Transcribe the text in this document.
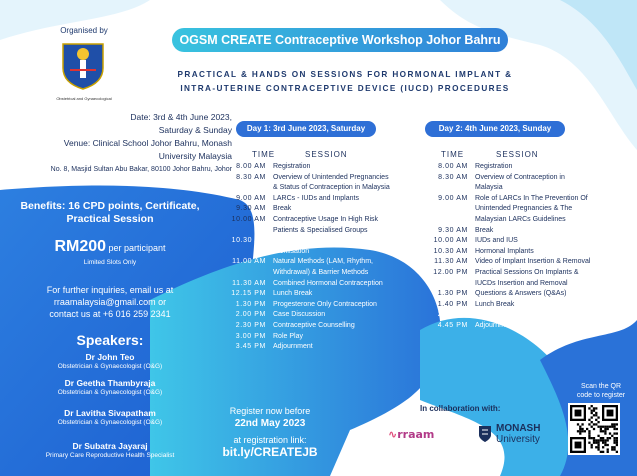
Organised by
Obstetrical and Gynaecological
OGSM CREATE Contraceptive Workshop Johor Bahru
PRACTICAL & HANDS ON SESSIONS FOR HORMONAL IMPLANT &
INTRA-UTERINE CONTRACEPTIVE DEVICE (IUCD) PROCEDURES
Date: 3rd & 4th June 2023,
Saturday & Sunday
Venue: Clinical School Johor Bahru, Monash
University Malaysia
No. 8, Masjid Sultan Abu Bakar, 80100 Johor Bahru, Johor
Benefits: 16 CPD points, Certificate,
Practical Session
RM200 per participant
Limited Slots Only
For further inquiries, email us at
rraamalaysia@gmail.com or
contact us at +6 016 259 2341
Speakers:
Dr John Teo
Obstetrician & Gynaecologist (O&G)
Dr Geetha Thambyraja
Obstetrician & Gynaecologist (O&G)
Dr Lavitha Sivapatham
Obstetrician & Gynaecologist (O&G)
Dr Subatra Jayaraj
Primary Care Reproductive Health Specialist
Day 1: 3rd June 2023, Saturday
TIME	SESSION
8.00 AM	Registration
8.30 AM	Overview of Unintended Pregnancies
& Status of Contraception in Malaysia
9.00 AM	LARCs - IUDs and Implants
9.30 AM	Break
10.00 AM	Contraceptive Usage In High Risk
Patients & Specialised Groups
10.30 AM	Emergency Contraceptives &
Sterilisation
11.00 AM	Natural Methods (LAM, Rhythm,
Withdrawal) & Barrier Methods
11.30 AM	Combined Hormonal Contraception
12.15 PM	Lunch Break
1.30 PM	Progesterone Only Contraception
2.00 PM	Case Discussion
2.30 PM	Contraceptive Counselling
3.00 PM	Role Play
3.45 PM	Adjournment
Day 2: 4th June 2023, Sunday
TIME	SESSION
8.00 AM	Registration
8.30 AM	Overview of Contraception in
Malaysia
9.00 AM	Role of LARCs In The Prevention Of
Unintended Pregnancies & The
Malaysian LARCs Guidelines
9.30 AM	Break
10.00 AM	IUDs and IUS
10.30 AM	Hormonal Implants
11.30 AM	Video of Implant Insertion & Removal
12.00 PM	Practical Sessions On Implants &
IUCDs Insertion and Removal
1.30 PM	Questions & Answers (Q&As)
1.40 PM	Lunch Break
2.45 PM	Contraceptive Counselling
4.45 PM	Adjournment
Register now before
22nd May 2023
at registration link:
bit.ly/CREATEJB
In collaboration with:
∿rraam	MONASH
University
Scan the QR
code to register
